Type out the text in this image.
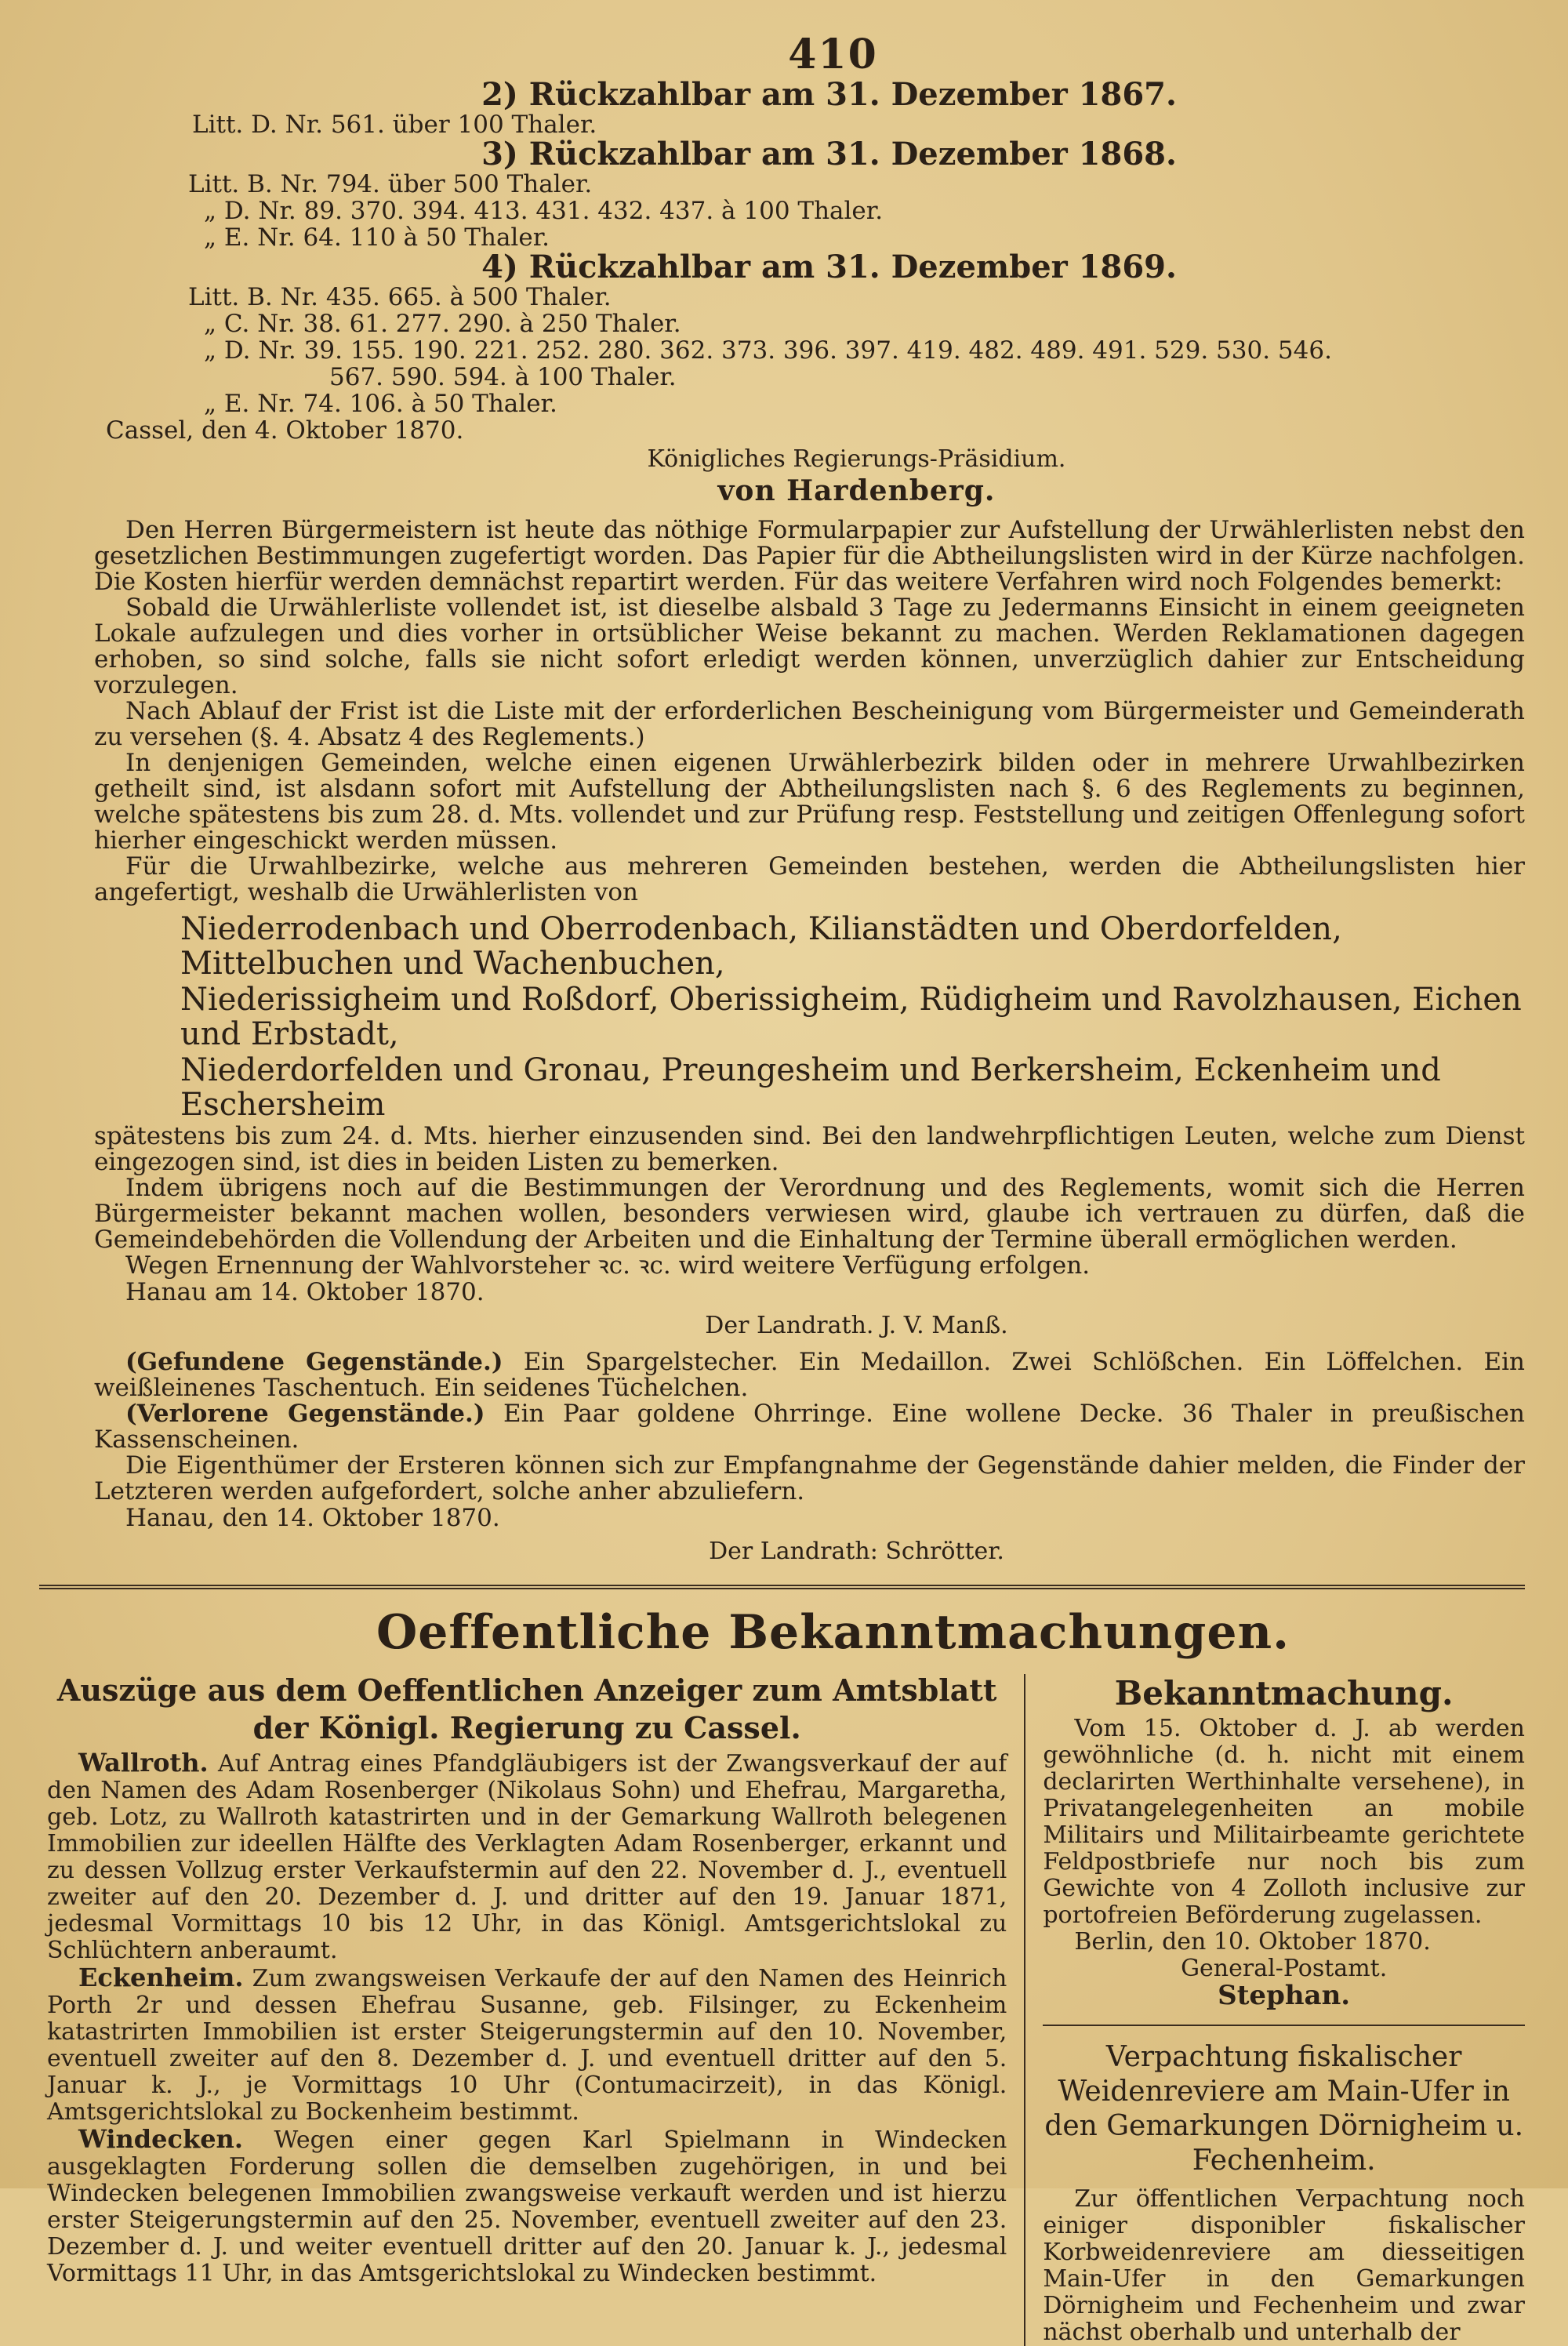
410
2) Rückzahlbar am 31. Dezember 1867.

Litt. D. Nr. 561. über 100 Thaler.

3) Rückzahlbar am 31. Dezember 1868.

Litt. B. Nr. 794. über 500 Thaler.

„ D. Nr. 89. 370. 394. 413. 431. 432. 437. à 100 Thaler.

„ E. Nr. 64. 110 à 50 Thaler.

4) Rückzahlbar am 31. Dezember 1869.

Litt. B. Nr. 435. 665. à 500 Thaler.

„ C. Nr. 38. 61. 277. 290. à 250 Thaler.

„ D. Nr. 39. 155. 190. 221. 252. 280. 362. 373. 396. 397. 419. 482. 489. 491. 529. 530. 546.

567. 590. 594. à 100 Thaler.

„ E. Nr. 74. 106. à 50 Thaler.

Cassel, den 4. Oktober 1870.

Königliches Regierungs-Präsidium.
von Hardenberg.

Den Herren Bürgermeistern ist heute das nöthige Formularpapier zur Aufstellung der Urwählerlisten nebst den gesetzlichen Bestimmungen zugefertigt worden. Das Papier für die Abtheilungslisten wird in der Kürze nachfolgen. Die Kosten hierfür werden demnächst repartirt werden. Für das weitere Verfahren wird noch Folgendes bemerkt:

Sobald die Urwählerliste vollendet ist, ist dieselbe alsbald 3 Tage zu Jedermanns Einsicht in einem geeigneten Lokale aufzulegen und dies vorher in ortsüblicher Weise bekannt zu machen. Werden Reklamationen dagegen erhoben, so sind solche, falls sie nicht sofort erledigt werden können, unverzüglich dahier zur Entscheidung vorzulegen.

Nach Ablauf der Frist ist die Liste mit der erforderlichen Bescheinigung vom Bürgermeister und Gemeinderath zu versehen (§. 4. Absatz 4 des Reglements.)

In denjenigen Gemeinden, welche einen eigenen Urwählerbezirk bilden oder in mehrere Urwahlbezirken getheilt sind, ist alsdann sofort mit Aufstellung der Abtheilungslisten nach §. 6 des Reglements zu beginnen, welche spätestens bis zum 28. d. Mts. vollendet und zur Prüfung resp. Feststellung und zeitigen Offenlegung sofort hierher eingeschickt werden müssen.

Für die Urwahlbezirke, welche aus mehreren Gemeinden bestehen, werden die Abtheilungslisten hier angefertigt, weshalb die Urwählerlisten von

Niederrodenbach und Oberrodenbach, Kilianstädten und Oberdorfelden, Mittelbuchen und Wachenbuchen,
Niederissigheim und Roßdorf, Oberissigheim, Rüdigheim und Ravolzhausen, Eichen und Erbstadt,
Niederdorfelden und Gronau, Preungesheim und Berkersheim, Eckenheim und Eschersheim

spätestens bis zum 24. d. Mts. hierher einzusenden sind. Bei den landwehrpflichtigen Leuten, welche zum Dienst eingezogen sind, ist dies in beiden Listen zu bemerken.

Indem übrigens noch auf die Bestimmungen der Verordnung und des Reglements, womit sich die Herren Bürgermeister bekannt machen wollen, besonders verwiesen wird, glaube ich vertrauen zu dürfen, daß die Gemeindebehörden die Vollendung der Arbeiten und die Einhaltung der Termine überall ermöglichen werden.

Wegen Ernennung der Wahlvorsteher ꝛc. ꝛc. wird weitere Verfügung erfolgen.

Hanau am 14. Oktober 1870.

Der Landrath. J. V. Manß.

(Gefundene Gegenstände.) Ein Spargelstecher. Ein Medaillon. Zwei Schlößchen. Ein Löffelchen. Ein weißleinenes Taschentuch. Ein seidenes Tüchelchen.

(Verlorene Gegenstände.) Ein Paar goldene Ohrringe. Eine wollene Decke. 36 Thaler in preußischen Kassenscheinen.

Die Eigenthümer der Ersteren können sich zur Empfangnahme der Gegenstände dahier melden, die Finder der Letzteren werden aufgefordert, solche anher abzuliefern.

Hanau, den 14. Oktober 1870.

Der Landrath: Schrötter.
Oeffentliche Bekanntmachungen.
Auszüge aus dem Oeffentlichen Anzeiger zum Amtsblatt
der Königl. Regierung zu Cassel.

Wallroth. Auf Antrag eines Pfandgläubigers ist der Zwangsverkauf der auf den Namen des Adam Rosenberger (Nikolaus Sohn) und Ehefrau, Margaretha, geb. Lotz, zu Wallroth katastrirten und in der Gemarkung Wallroth belegenen Immobilien zur ideellen Hälfte des Verklagten Adam Rosenberger, erkannt und zu dessen Vollzug erster Verkaufstermin auf den 22. November d. J., eventuell zweiter auf den 20. Dezember d. J. und dritter auf den 19. Januar 1871, jedesmal Vormittags 10 bis 12 Uhr, in das Königl. Amtsgerichtslokal zu Schlüchtern anberaumt.

Eckenheim. Zum zwangsweisen Verkaufe der auf den Namen des Heinrich Porth 2r und dessen Ehefrau Susanne, geb. Filsinger, zu Eckenheim katastrirten Immobilien ist erster Steigerungstermin auf den 10. November, eventuell zweiter auf den 8. Dezember d. J. und eventuell dritter auf den 5. Januar k. J., je Vormittags 10 Uhr (Contumacirzeit), in das Königl. Amtsgerichtslokal zu Bockenheim bestimmt.

Windecken. Wegen einer gegen Karl Spielmann in Windecken ausgeklagten Forderung sollen die demselben zugehörigen, in und bei Windecken belegenen Immobilien zwangsweise verkauft werden und ist hierzu erster Steigerungstermin auf den 25. November, eventuell zweiter auf den 23. Dezember d. J. und weiter eventuell dritter auf den 20. Januar k. J., jedesmal Vormittags 11 Uhr, in das Amtsgerichtslokal zu Windecken bestimmt.

Bekanntmachung.

Vom 15. Oktober d. J. ab werden gewöhnliche (d. h. nicht mit einem declarirten Werthinhalte versehene), in Privatangelegenheiten an mobile Militairs und Militairbeamte gerichtete Feldpostbriefe nur noch bis zum Gewichte von 4 Zolloth inclusive zur portofreien Beförderung zugelassen.

Berlin, den 10. Oktober 1870.

General-Postamt.
Stephan.
Verpachtung fiskalischer Weidenreviere am Main-Ufer in den Gemarkungen Dörnigheim u. Fechenheim.

Zur öffentlichen Verpachtung noch einiger disponibler fiskalischer Korbweidenreviere am diesseitigen Main-Ufer in den Gemarkungen Dörnigheim und Fechenheim und zwar nächst oberhalb und unterhalb der
